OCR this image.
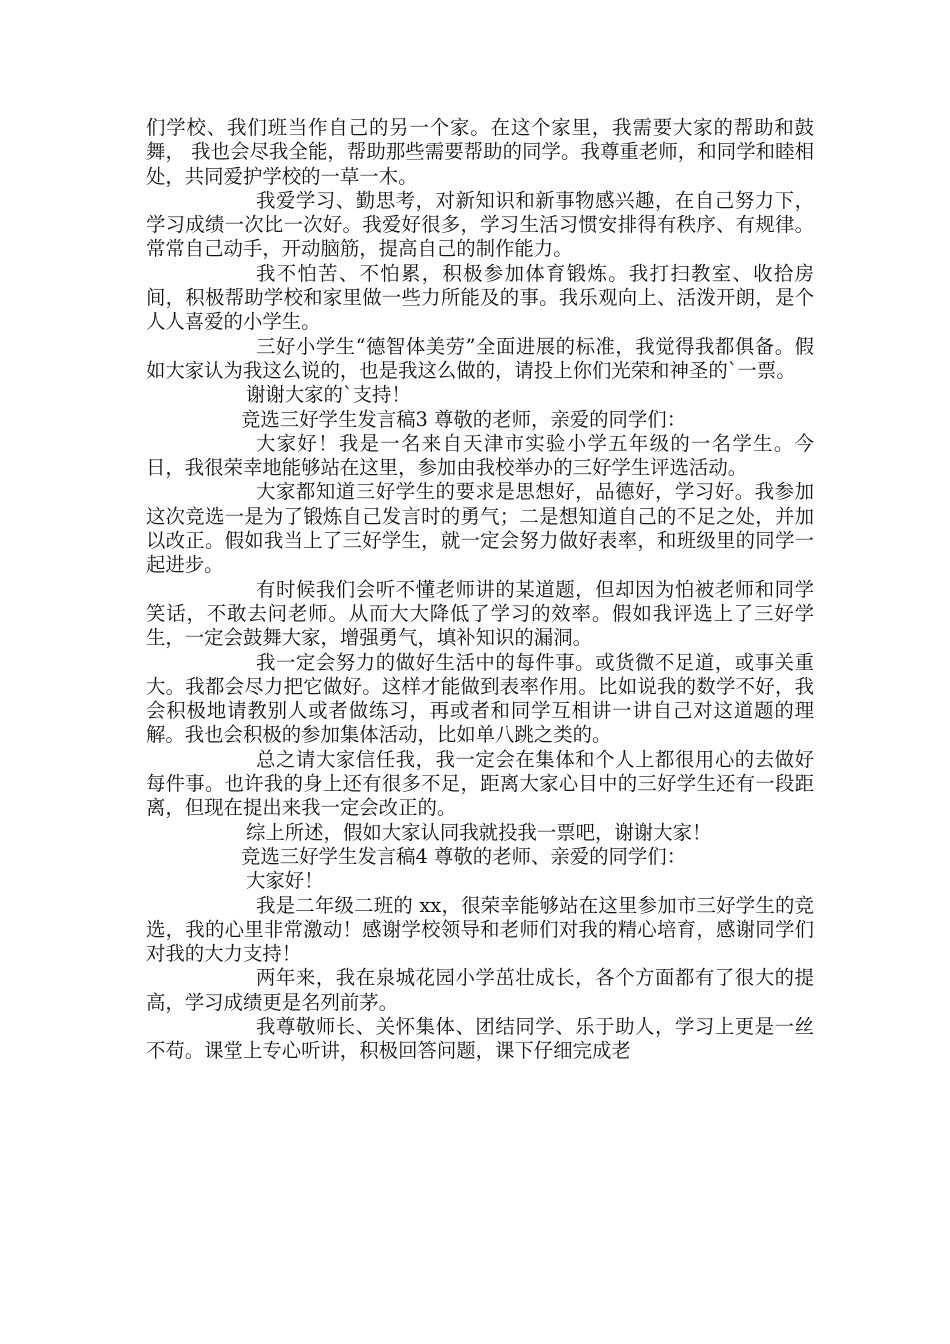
们学校、我们班当作自己的另一个家。在这个家里，我需要大家的帮助和鼓舞， 我也会尽我全能，帮助那些需要帮助的同学。我尊重老师，和同学和睦相处，共同爱护学校的一草一木。

我爱学习、勤思考，对新知识和新事物感兴趣，在自己努力下，学习成绩一次比一次好。我爱好很多，学习生活习惯安排得有秩序、有规律。常常自己动手，开动脑筋，提高自己的制作能力。

我不怕苦、不怕累，积极参加体育锻炼。我打扫教室、收拾房间，积极帮助学校和家里做一些力所能及的事。我乐观向上、活泼开朗，是个人人喜爱的小学生。

三好小学生“德智体美劳”全面进展的标准，我觉得我都俱备。假如大家认为我这么说的，也是我这么做的，请投上你们光荣和神圣的`一票。

谢谢大家的`支持！

竞选三好学生发言稿3 尊敬的老师，亲爱的同学们：

大家好！我是一名来自天津市实验小学五年级的一名学生。今日，我很荣幸地能够站在这里，参加由我校举办的三好学生评选活动。

大家都知道三好学生的要求是思想好，品德好，学习好。我参加这次竞选一是为了锻炼自己发言时的勇气；二是想知道自己的不足之处，并加以改正。假如我当上了三好学生，就一定会努力做好表率，和班级里的同学一起进步。

有时候我们会听不懂老师讲的某道题，但却因为怕被老师和同学笑话，不敢去问老师。从而大大降低了学习的效率。假如我评选上了三好学生，一定会鼓舞大家，增强勇气，填补知识的漏洞。

我一定会努力的做好生活中的每件事。或货微不足道，或事关重大。我都会尽力把它做好。这样才能做到表率作用。比如说我的数学不好，我会积极地请教别人或者做练习，再或者和同学互相讲一讲自己对这道题的理解。我也会积极的参加集体活动，比如单八跳之类的。

总之请大家信任我，我一定会在集体和个人上都很用心的去做好每件事。也许我的身上还有很多不足，距离大家心目中的三好学生还有一段距离，但现在提出来我一定会改正的。

综上所述，假如大家认同我就投我一票吧，谢谢大家！

竞选三好学生发言稿4 尊敬的老师、亲爱的同学们：

大家好！

我是二年级二班的 xx，很荣幸能够站在这里参加市三好学生的竞选，我的心里非常激动！感谢学校领导和老师们对我的精心培育，感谢同学们对我的大力支持！

两年来，我在泉城花园小学茁壮成长，各个方面都有了很大的提高，学习成绩更是名列前茅。

我尊敬师长、关怀集体、团结同学、乐于助人，学习上更是一丝不苟。课堂上专心听讲，积极回答问题，课下仔细完成老
